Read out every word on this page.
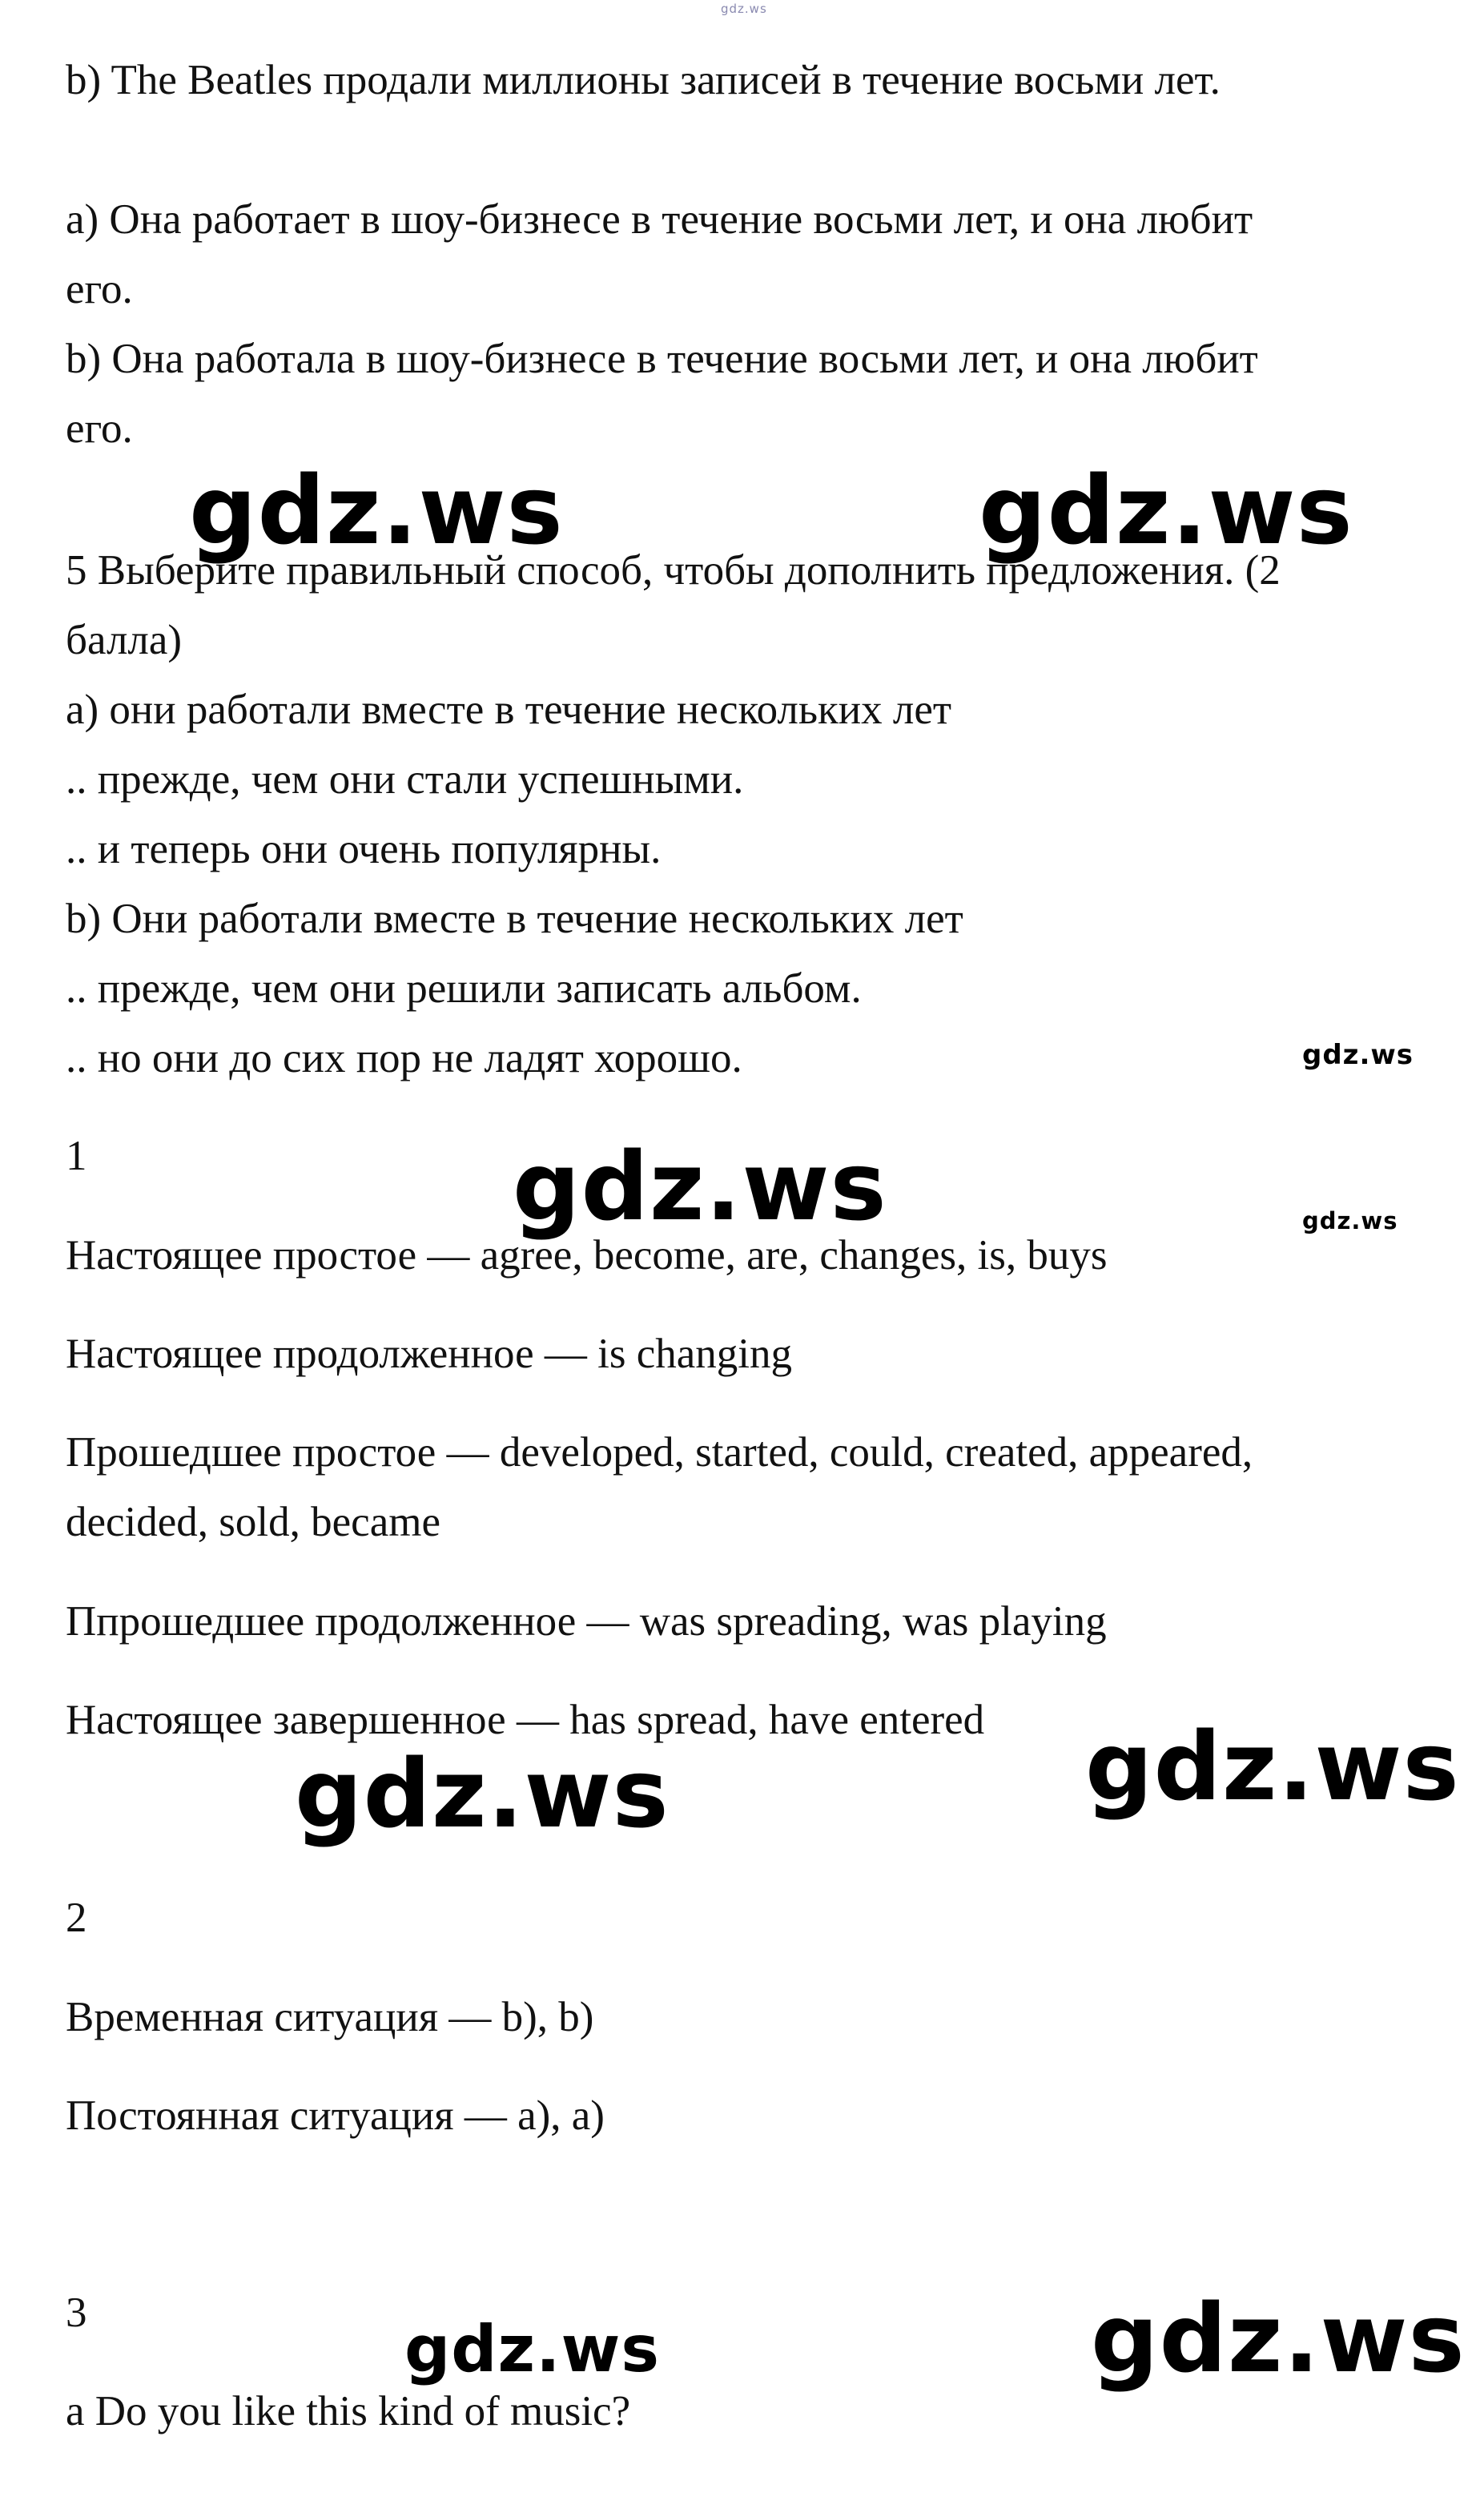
gdz.ws

b) The Beatles продали миллионы записей в течение восьми лет.

a) Она работает в шоу-бизнесе в течение восьми лет, и она любит

его.

b) Она работала в шоу-бизнесе в течение восьми лет, и она любит

его.

5 Выберите правильный способ, чтобы дополнить предложения. (2

балла)

a) они работали вместе в течение нескольких лет

.. прежде, чем они стали успешными.

.. и теперь они очень популярны.

b) Они работали вместе в течение нескольких лет

.. прежде, чем они решили записать альбом.

.. но они до сих пор не ладят хорошо.

1

Настоящее простое — agree, become, are, changes, is, buys

Настоящее продолженное — is changing

Прошедшее простое — developed, started, could, created, appeared,

decided, sold, became

Ппрошедшее продолженное — was spreading, was playing

Настоящее завершенное — has spread, have entered

2

Временная ситуация — b), b)

Постоянная ситуация — a), a)

3

a Do you like this kind of music?

gdz.ws	gdz.ws
gdz.ws
gdz.ws	gdz.ws
gdz.ws
gdz.ws
gdz.ws	gdz.ws
